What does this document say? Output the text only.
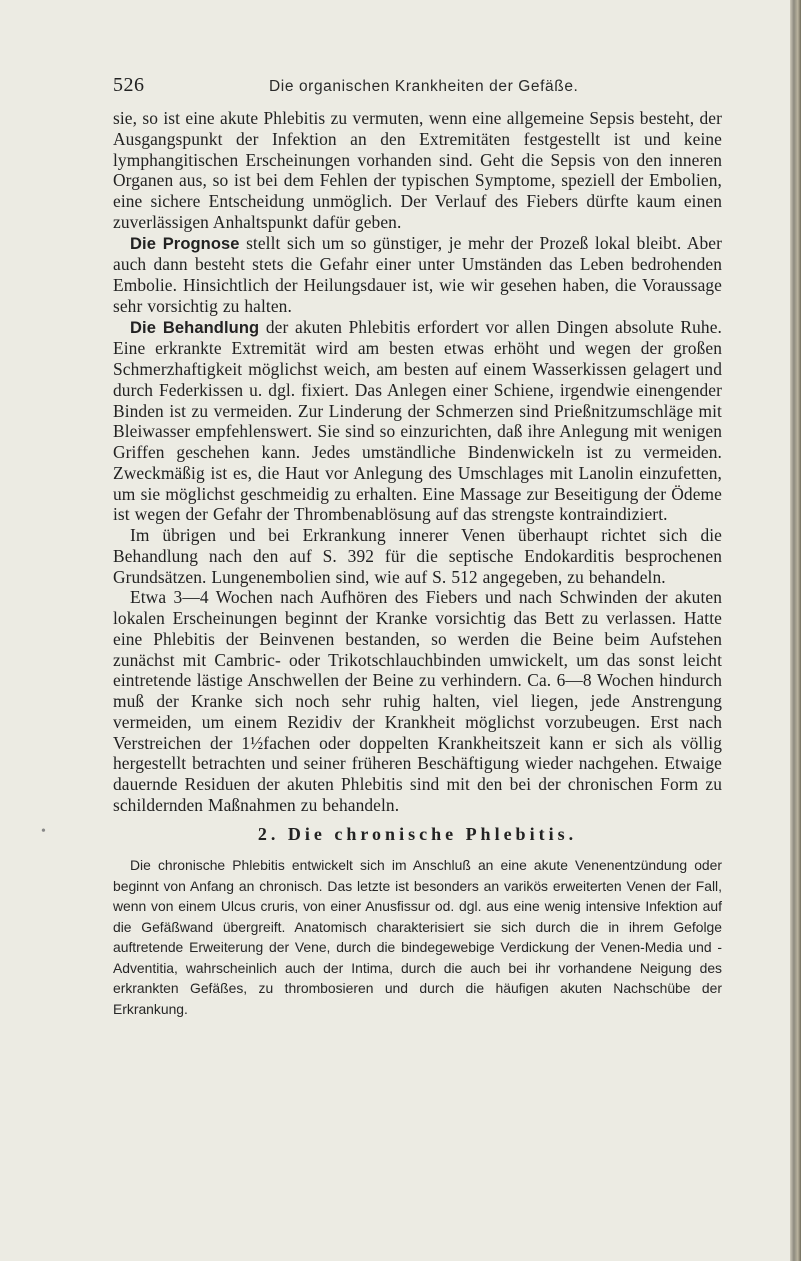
526	Die organischen Krankheiten der Gefäße.

sie, so ist eine akute Phlebitis zu vermuten, wenn eine allgemeine Sepsis besteht, der Ausgangspunkt der Infektion an den Extremitäten festgestellt ist und keine lymphangitischen Erscheinungen vorhanden sind. Geht die Sepsis von den inneren Organen aus, so ist bei dem Fehlen der typischen Symptome, speziell der Embolien, eine sichere Entscheidung unmöglich. Der Verlauf des Fiebers dürfte kaum einen zuverlässigen Anhaltspunkt dafür geben.

Die Prognose stellt sich um so günstiger, je mehr der Prozeß lokal bleibt. Aber auch dann besteht stets die Gefahr einer unter Umständen das Leben bedrohenden Embolie. Hinsichtlich der Heilungsdauer ist, wie wir gesehen haben, die Voraussage sehr vorsichtig zu halten.

Die Behandlung der akuten Phlebitis erfordert vor allen Dingen absolute Ruhe. Eine erkrankte Extremität wird am besten etwas erhöht und wegen der großen Schmerzhaftigkeit möglichst weich, am besten auf einem Wasserkissen gelagert und durch Federkissen u. dgl. fixiert. Das Anlegen einer Schiene, irgendwie einengender Binden ist zu vermeiden. Zur Linderung der Schmerzen sind Prießnitzumschläge mit Bleiwasser empfehlenswert. Sie sind so einzurichten, daß ihre Anlegung mit wenigen Griffen geschehen kann. Jedes umständliche Bindenwickeln ist zu vermeiden. Zweckmäßig ist es, die Haut vor Anlegung des Umschlages mit Lanolin einzufetten, um sie möglichst geschmeidig zu erhalten. Eine Massage zur Beseitigung der Ödeme ist wegen der Gefahr der Thrombenablösung auf das strengste kontraindiziert.

Im übrigen und bei Erkrankung innerer Venen überhaupt richtet sich die Behandlung nach den auf S. 392 für die septische Endokarditis besprochenen Grundsätzen. Lungenembolien sind, wie auf S. 512 angegeben, zu behandeln.

Etwa 3—4 Wochen nach Aufhören des Fiebers und nach Schwinden der akuten lokalen Erscheinungen beginnt der Kranke vorsichtig das Bett zu verlassen. Hatte eine Phlebitis der Beinvenen bestanden, so werden die Beine beim Aufstehen zunächst mit Cambric- oder Trikotschlauchbinden umwickelt, um das sonst leicht eintretende lästige Anschwellen der Beine zu verhindern. Ca. 6—8 Wochen hindurch muß der Kranke sich noch sehr ruhig halten, viel liegen, jede Anstrengung vermeiden, um einem Rezidiv der Krankheit möglichst vorzubeugen. Erst nach Verstreichen der 1½fachen oder doppelten Krankheitszeit kann er sich als völlig hergestellt betrachten und seiner früheren Beschäftigung wieder nachgehen. Etwaige dauernde Residuen der akuten Phlebitis sind mit den bei der chronischen Form zu schildernden Maßnahmen zu behandeln.

•	2. Die chronische Phlebitis.

Die chronische Phlebitis entwickelt sich im Anschluß an eine akute Venenentzündung oder beginnt von Anfang an chronisch. Das letzte ist besonders an varikös erweiterten Venen der Fall, wenn von einem Ulcus cruris, von einer Anusfissur od. dgl. aus eine wenig intensive Infektion auf die Gefäßwand übergreift. Anatomisch charakterisiert sie sich durch die in ihrem Gefolge auftretende Erweiterung der Vene, durch die bindegewebige Verdickung der Venen-Media und -Adventitia, wahrscheinlich auch der Intima, durch die auch bei ihr vorhandene Neigung des erkrankten Gefäßes, zu thrombosieren und durch die häufigen akuten Nachschübe der Erkrankung.
